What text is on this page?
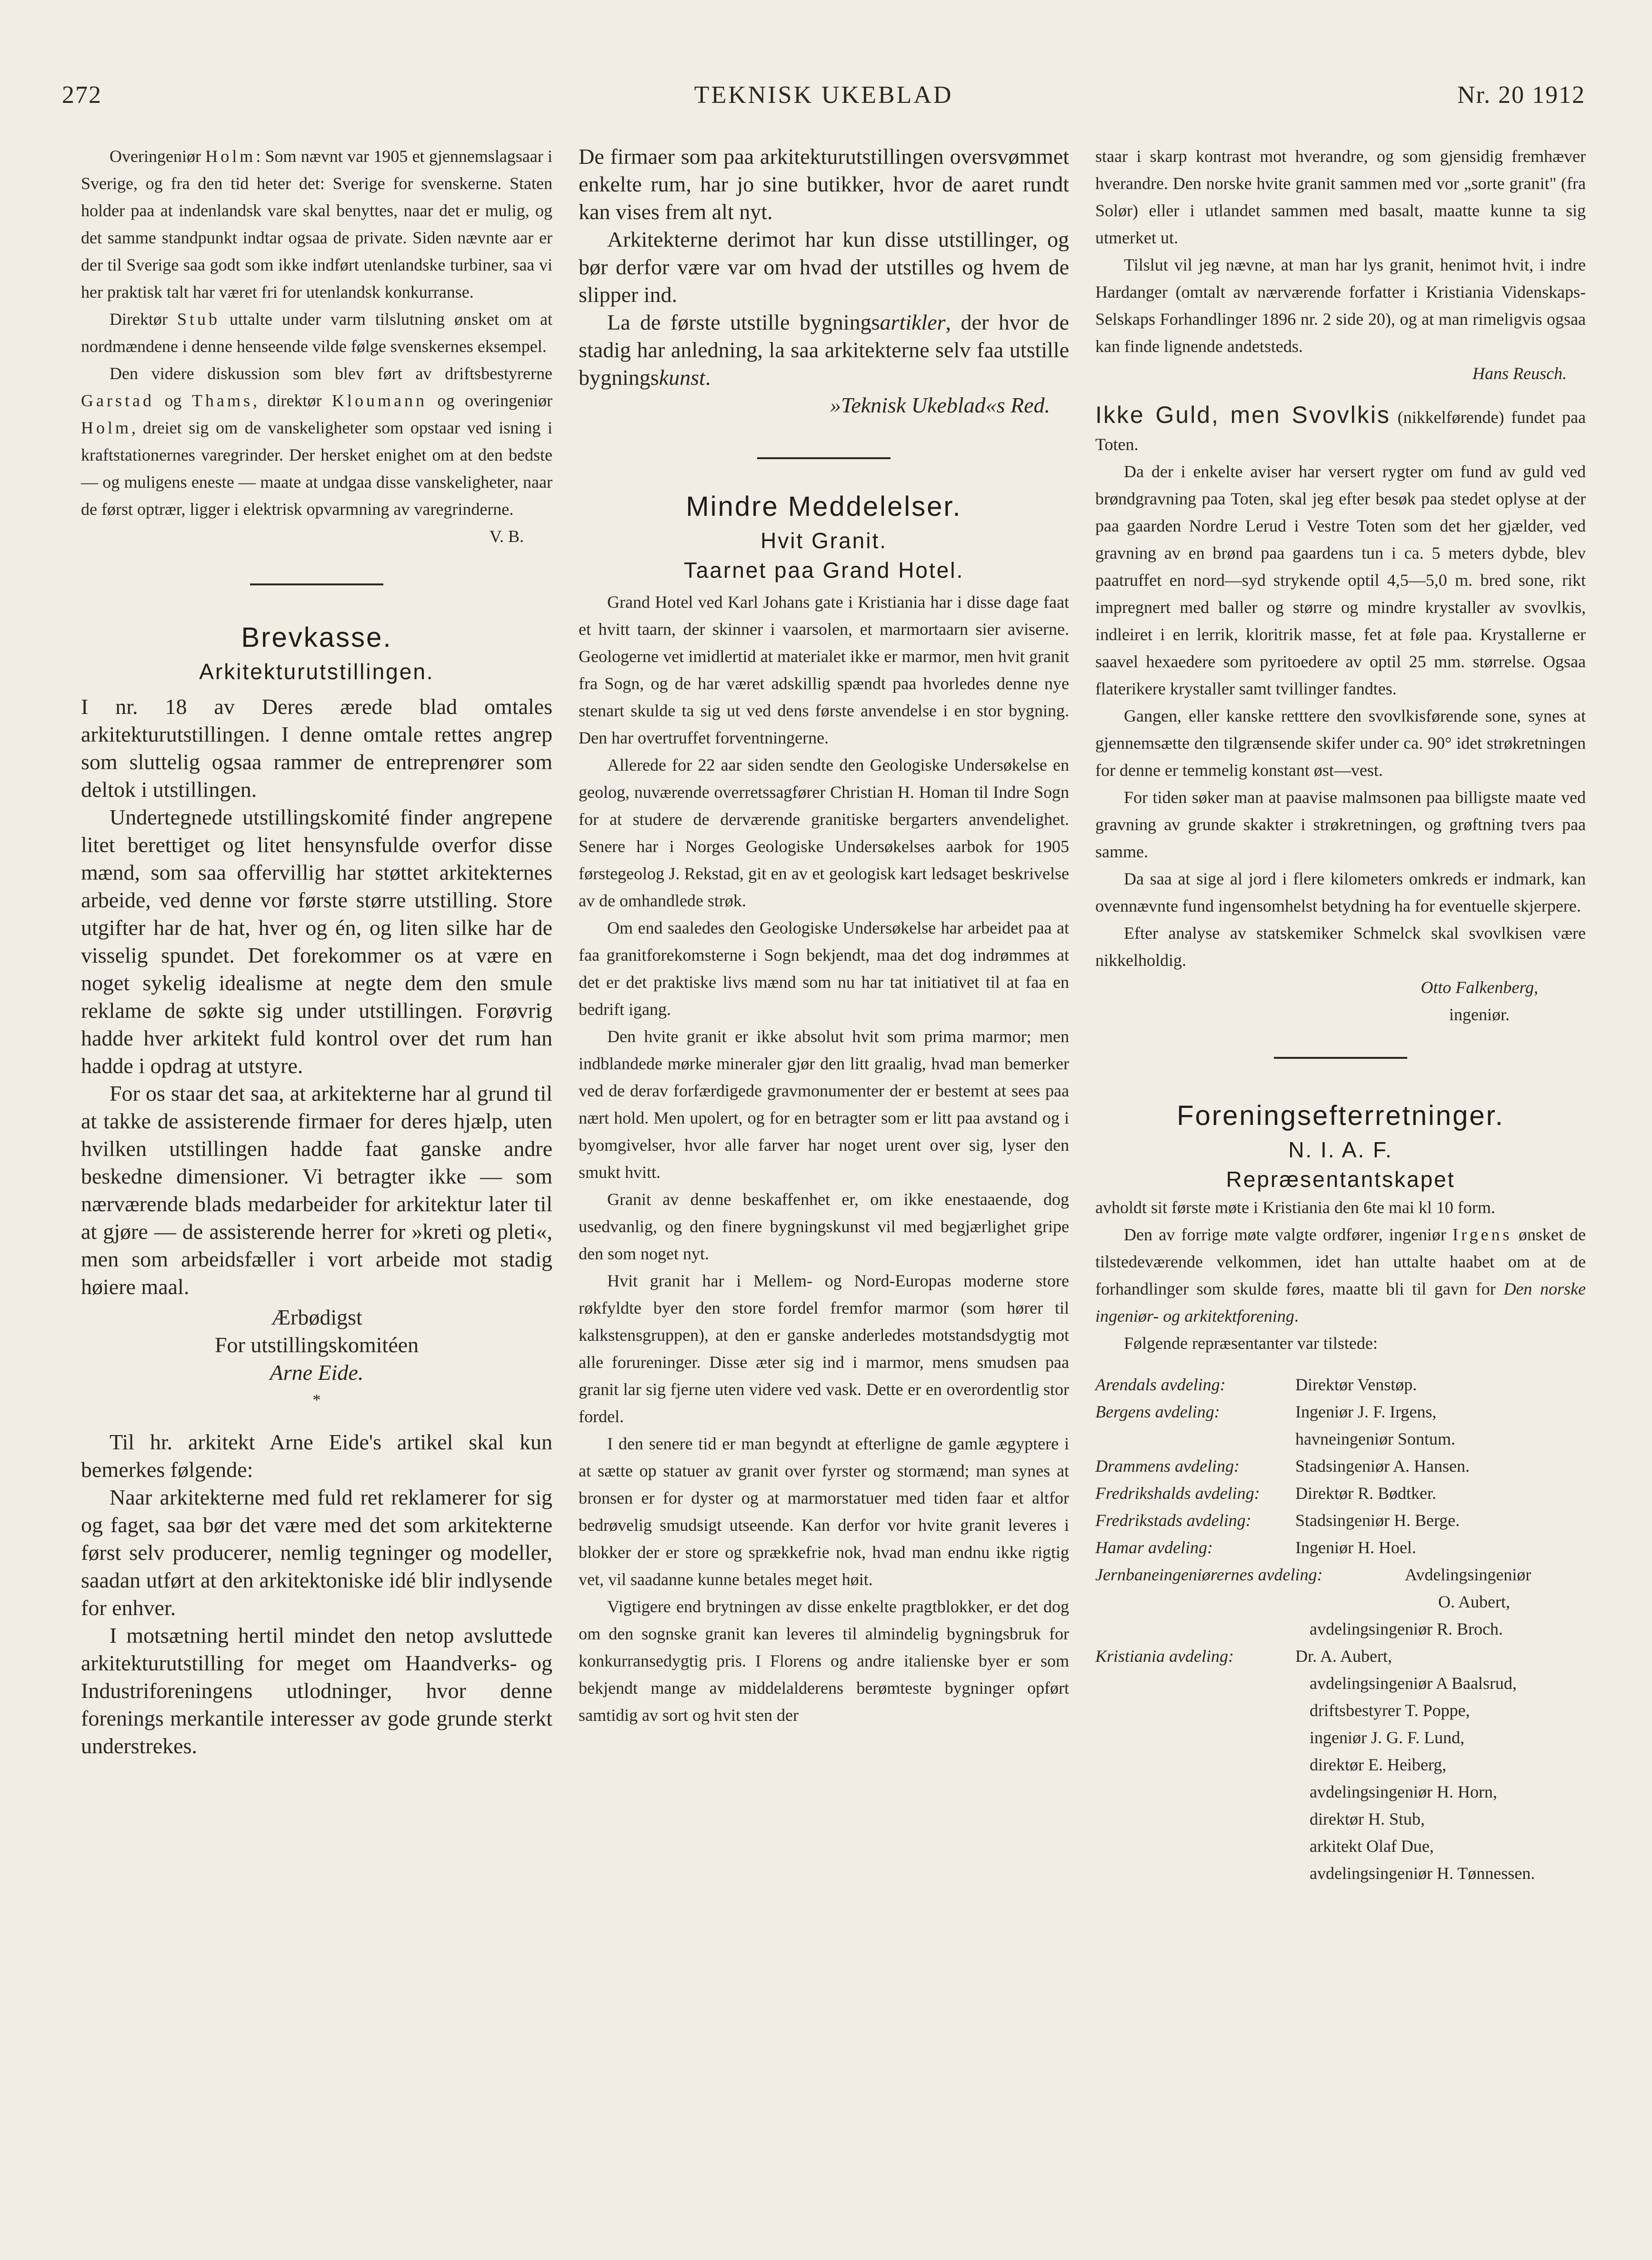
272	TEKNISK UKEBLAD	Nr. 20 1912

Overingeniør Holm: Som nævnt var 1905 et gjennemslagsaar i Sverige, og fra den tid heter det: Sverige for svenskerne. Staten holder paa at indenlandsk vare skal benyttes, naar det er mulig, og det samme standpunkt indtar ogsaa de private. Siden nævnte aar er der til Sverige saa godt som ikke indført utenlandske turbiner, saa vi her praktisk talt har været fri for utenlandsk konkurranse.

Direktør Stub uttalte under varm tilslutning ønsket om at nordmændene i denne henseende vilde følge svenskernes eksempel.

Den videre diskussion som blev ført av driftsbestyrerne Garstad og Thams, direktør Kloumann og overingeniør Holm, dreiet sig om de vanskeligheter som opstaar ved isning i kraftstationernes varegrinder. Der hersket enighet om at den bedste — og muligens eneste — maate at undgaa disse vanskeligheter, naar de først optrær, ligger i elektrisk opvarmning av varegrinderne.

V. B.

Brevkasse.
Arkitekturutstillingen.

I nr. 18 av Deres ærede blad omtales arkitekturutstillingen. I denne omtale rettes angrep som sluttelig ogsaa rammer de entreprenører som deltok i utstillingen.

Undertegnede utstillingskomité finder angrepene litet berettiget og litet hensynsfulde overfor disse mænd, som saa offervillig har støttet arkitekternes arbeide, ved denne vor første større utstilling. Store utgifter har de hat, hver og én, og liten silke har de visselig spundet. Det forekommer os at være en noget sykelig idealisme at negte dem den smule reklame de søkte sig under utstillingen. Forøvrig hadde hver arkitekt fuld kontrol over det rum han hadde i opdrag at utstyre.

For os staar det saa, at arkitekterne har al grund til at takke de assisterende firmaer for deres hjælp, uten hvilken utstillingen hadde faat ganske andre beskedne dimensioner. Vi betragter ikke — som nærværende blads medarbeider for arkitektur later til at gjøre — de assisterende herrer for »kreti og pleti«, men som arbeidsfæller i vort arbeide mot stadig høiere maal.

Ærbødigst

For utstillingskomitéen

Arne Eide.

*

Til hr. arkitekt Arne Eide's artikel skal kun bemerkes følgende:

Naar arkitekterne med fuld ret reklamerer for sig og faget, saa bør det være med det som arkitekterne først selv producerer, nemlig tegninger og modeller, saadan utført at den arkitektoniske idé blir indlysende for enhver.

I motsætning hertil mindet den netop avsluttede arkitekturutstilling for meget om Haandverks- og Industriforeningens utlodninger, hvor denne forenings merkantile interesser av gode grunde sterkt understrekes.

De firmaer som paa arkitekturutstillingen oversvømmet enkelte rum, har jo sine butikker, hvor de aaret rundt kan vises frem alt nyt.

Arkitekterne derimot har kun disse utstillinger, og bør derfor være var om hvad der utstilles og hvem de slipper ind.

La de første utstille bygningsartikler, der hvor de stadig har anledning, la saa arkitekterne selv faa utstille bygningskunst.

»Teknisk Ukeblad«s Red.

Mindre Meddelelser.
Hvit Granit.
Taarnet paa Grand Hotel.

Grand Hotel ved Karl Johans gate i Kristiania har i disse dage faat et hvitt taarn, der skinner i vaarsolen, et marmortaarn sier aviserne. Geologerne vet imidlertid at materialet ikke er marmor, men hvit granit fra Sogn, og de har været adskillig spændt paa hvorledes denne nye stenart skulde ta sig ut ved dens første anvendelse i en stor bygning. Den har overtruffet forventningerne.

Allerede for 22 aar siden sendte den Geologiske Undersøkelse en geolog, nuværende overretssagfører Christian H. Homan til Indre Sogn for at studere de derværende granitiske bergarters anvendelighet. Senere har i Norges Geologiske Undersøkelses aarbok for 1905 førstegeolog J. Rekstad, git en av et geologisk kart ledsaget beskrivelse av de omhandlede strøk.

Om end saaledes den Geologiske Undersøkelse har arbeidet paa at faa granitforekomsterne i Sogn bekjendt, maa det dog indrømmes at det er det praktiske livs mænd som nu har tat initiativet til at faa en bedrift igang.

Den hvite granit er ikke absolut hvit som prima marmor; men indblandede mørke mineraler gjør den litt graalig, hvad man bemerker ved de derav forfærdigede gravmonumenter der er bestemt at sees paa nært hold. Men upolert, og for en betragter som er litt paa avstand og i byomgivelser, hvor alle farver har noget urent over sig, lyser den smukt hvitt.

Granit av denne beskaffenhet er, om ikke enestaaende, dog usedvanlig, og den finere bygningskunst vil med begjærlighet gripe den som noget nyt.

Hvit granit har i Mellem- og Nord-Europas moderne store røkfyldte byer den store fordel fremfor marmor (som hører til kalkstensgruppen), at den er ganske anderledes motstandsdygtig mot alle forureninger. Disse æter sig ind i marmor, mens smudsen paa granit lar sig fjerne uten videre ved vask. Dette er en overordentlig stor fordel.

I den senere tid er man begyndt at efterligne de gamle ægyptere i at sætte op statuer av granit over fyrster og stormænd; man synes at bronsen er for dyster og at marmorstatuer med tiden faar et altfor bedrøvelig smudsigt utseende. Kan derfor vor hvite granit leveres i blokker der er store og sprækkefrie nok, hvad man endnu ikke rigtig vet, vil saadanne kunne betales meget høit.

Vigtigere end brytningen av disse enkelte pragtblokker, er det dog om den sognske granit kan leveres til almindelig bygningsbruk for konkurransedygtig pris. I Florens og andre italienske byer er som bekjendt mange av middelalderens berømteste bygninger opført samtidig av sort og hvit sten der

staar i skarp kontrast mot hverandre, og som gjensidig fremhæver hverandre. Den norske hvite granit sammen med vor „sorte granit" (fra Solør) eller i utlandet sammen med basalt, maatte kunne ta sig utmerket ut.

Tilslut vil jeg nævne, at man har lys granit, henimot hvit, i indre Hardanger (omtalt av nærværende forfatter i Kristiania Videnskaps-Selskaps Forhandlinger 1896 nr. 2 side 20), og at man rimeligvis ogsaa kan finde lignende andetsteds.

Hans Reusch.

Ikke Guld, men Svovlkis (nikkelførende) fundet paa Toten.

Da der i enkelte aviser har versert rygter om fund av guld ved brøndgravning paa Toten, skal jeg efter besøk paa stedet oplyse at der paa gaarden Nordre Lerud i Vestre Toten som det her gjælder, ved gravning av en brønd paa gaardens tun i ca. 5 meters dybde, blev paatruffet en nord—syd strykende optil 4,5—5,0 m. bred sone, rikt impregnert med baller og større og mindre krystaller av svovlkis, indleiret i en lerrik, kloritrik masse, fet at føle paa. Krystallerne er saavel hexaedere som pyritoedere av optil 25 mm. størrelse. Ogsaa flaterikere krystaller samt tvillinger fandtes.

Gangen, eller kanske retttere den svovlkisførende sone, synes at gjennemsætte den tilgrænsende skifer under ca. 90° idet strøkretningen for denne er temmelig konstant øst—vest.

For tiden søker man at paavise malmsonen paa billigste maate ved gravning av grunde skakter i strøkretningen, og grøftning tvers paa samme.

Da saa at sige al jord i flere kilometers omkreds er indmark, kan ovennævnte fund ingensomhelst betydning ha for eventuelle skjerpere.

Efter analyse av statskemiker Schmelck skal svovlkisen være nikkelholdig.

Otto Falkenberg,

ingeniør.

Foreningsefterretninger.
N. I. A. F.
Repræsentantskapet

avholdt sit første møte i Kristiania den 6te mai kl 10 form.

Den av forrige møte valgte ordfører, ingeniør Irgens ønsket de tilstedeværende velkommen, idet han uttalte haabet om at de forhandlinger som skulde føres, maatte bli til gavn for Den norske ingeniør- og arkitektforening.

Følgende repræsentanter var tilstede:

Arendals avdeling:	Direktør Venstøp.
Bergens avdeling:	Ingeniør J. F. Irgens,
havneingeniør Sontum.
Drammens avdeling:	Stadsingeniør A. Hansen.
Fredrikshalds avdeling:	Direktør R. Bødtker.
Fredrikstads avdeling:	Stadsingeniør H. Berge.
Hamar avdeling:	Ingeniør H. Hoel.
Jernbaneingeniørernes avdeling:	Avdelingsingeniør
O. Aubert,
avdelingsingeniør R. Broch.
Kristiania avdeling:	Dr. A. Aubert,
avdelingsingeniør A Baalsrud,
driftsbestyrer T. Poppe,
ingeniør J. G. F. Lund,
direktør E. Heiberg,
avdelingsingeniør H. Horn,
direktør H. Stub,
arkitekt Olaf Due,
avdelingsingeniør H. Tønnessen.
